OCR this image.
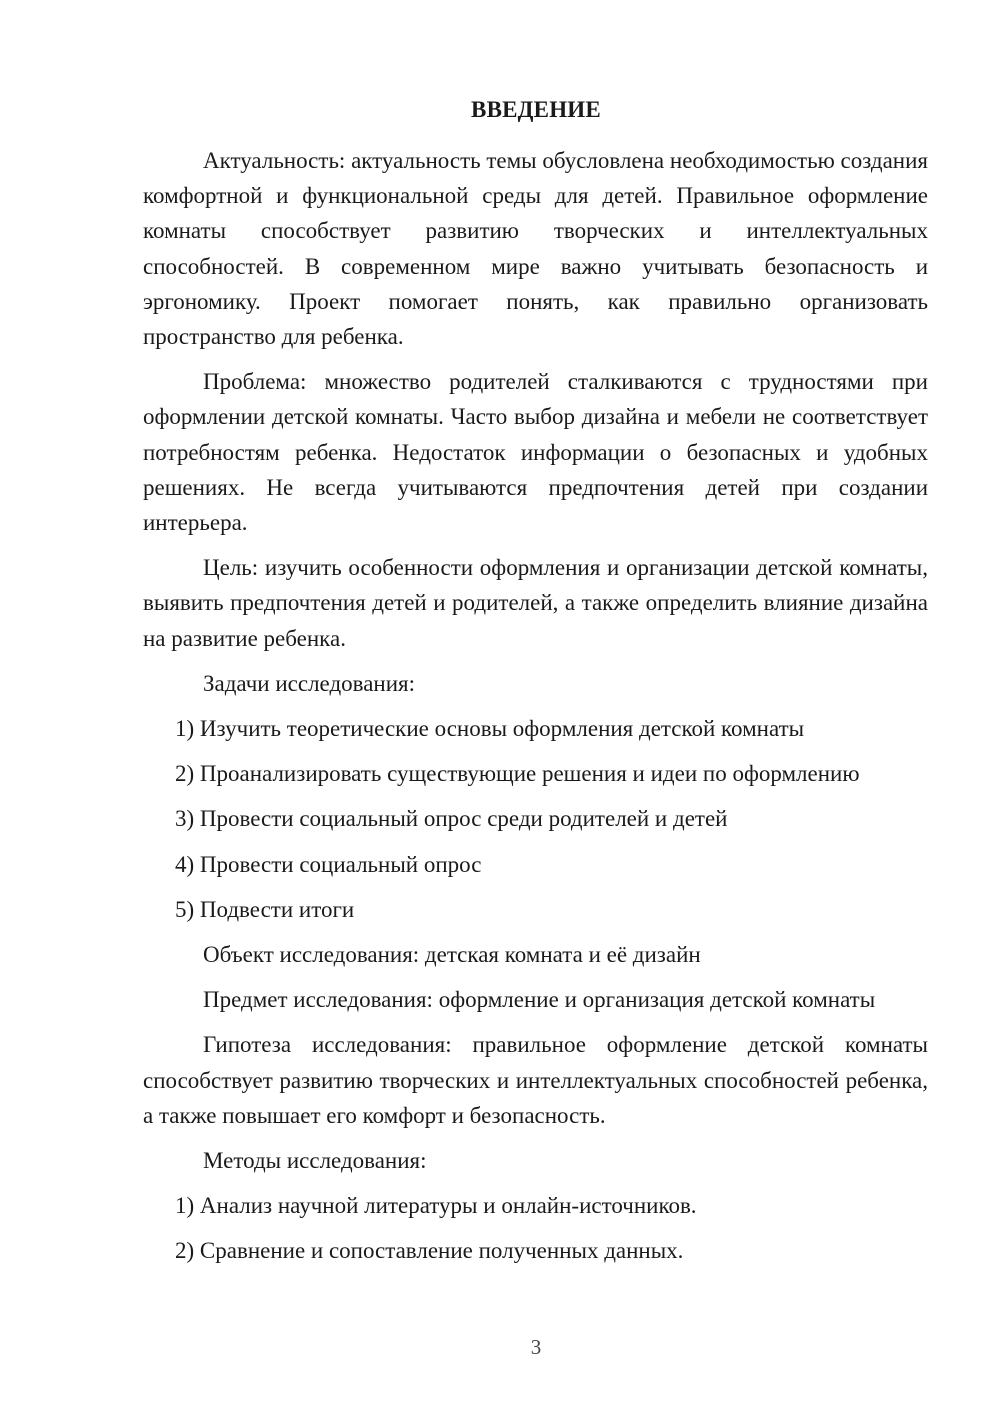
ВВЕДЕНИЕ

Актуальность: актуальность темы обусловлена необходимостью создания комфортной и функциональной среды для детей. Правильное оформление комнаты способствует развитию творческих и интеллектуальных способностей. В современном мире важно учитывать безопасность и эргономику. Проект помогает понять, как правильно организовать пространство для ребенка.

Проблема: множество родителей сталкиваются с трудностями при оформлении детской комнаты. Часто выбор дизайна и мебели не соответствует потребностям ребенка. Недостаток информации о безопасных и удобных решениях. Не всегда учитываются предпочтения детей при создании интерьера.

Цель: изучить особенности оформления и организации детской комнаты, выявить предпочтения детей и родителей, а также определить влияние дизайна на развитие ребенка.

Задачи исследования:

1) Изучить теоретические основы оформления детской комнаты

2) Проанализировать существующие решения и идеи по оформлению

3) Провести социальный опрос среди родителей и детей

4) Провести социальный опрос

5) Подвести итоги

Объект исследования: детская комната и её дизайн

Предмет исследования: оформление и организация детской комнаты

Гипотеза исследования: правильное оформление детской комнаты способствует развитию творческих и интеллектуальных способностей ребенка, а также повышает его комфорт и безопасность.

Методы исследования:

1) Анализ научной литературы и онлайн-источников.

2) Сравнение и сопоставление полученных данных.

3
